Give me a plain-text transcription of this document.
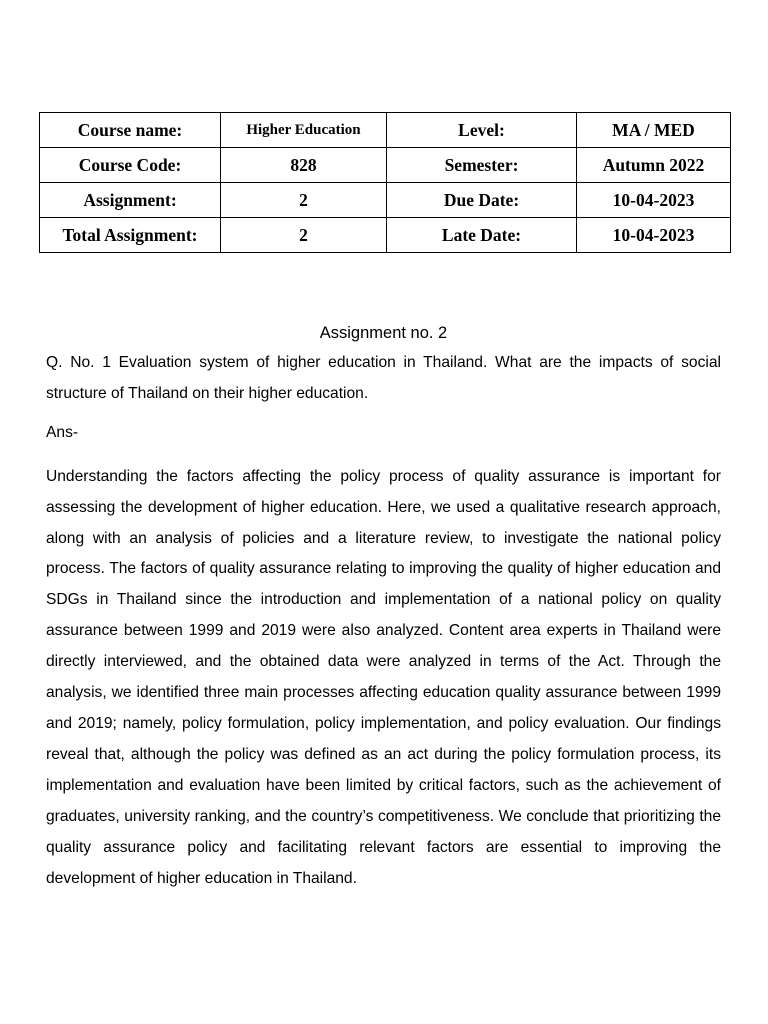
Course name:	Higher Education	Level:	MA / MED
Course Code:	828	Semester:	Autumn 2022
Assignment:	2	Due Date:	10-04-2023
Total Assignment:	2	Late Date:	10-04-2023

Assignment no. 2

Q. No. 1 Evaluation system of higher education in Thailand. What are the impacts of social structure of Thailand on their higher education.

Ans-

Understanding the factors affecting the policy process of quality assurance is important for assessing the development of higher education. Here, we used a qualitative research approach, along with an analysis of policies and a literature review, to investigate the national policy process. The factors of quality assurance relating to improving the quality of higher education and SDGs in Thailand since the introduction and implementation of a national policy on quality assurance between 1999 and 2019 were also analyzed. Content area experts in Thailand were directly interviewed, and the obtained data were analyzed in terms of the Act. Through the analysis, we identified three main processes affecting education quality assurance between 1999 and 2019; namely, policy formulation, policy implementation, and policy evaluation. Our findings reveal that, although the policy was defined as an act during the policy formulation process, its implementation and evaluation have been limited by critical factors, such as the achievement of graduates, university ranking, and the country’s competitiveness. We conclude that prioritizing the quality assurance policy and facilitating relevant factors are essential to improving the development of higher education in Thailand.
